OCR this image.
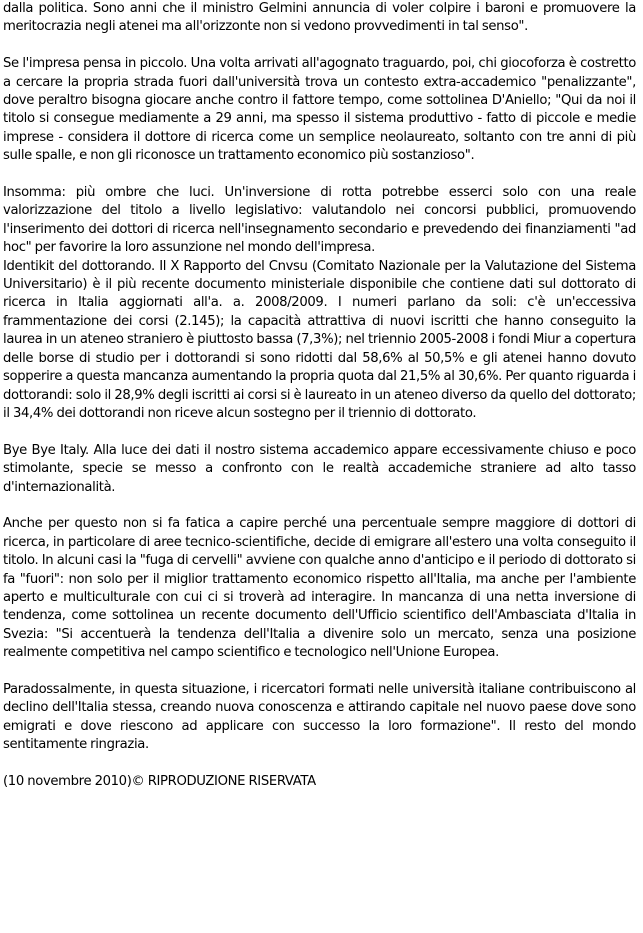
dalla politica. Sono anni che il ministro Gelmini annuncia di voler colpire i baroni e promuovere la meritocrazia negli atenei ma all'orizzonte non si vedono provvedimenti in tal senso".

Se l'impresa pensa in piccolo. Una volta arrivati all'agognato traguardo, poi, chi giocoforza è costretto a cercare la propria strada fuori dall'università trova un contesto extra-accademico "penalizzante", dove peraltro bisogna giocare anche contro il fattore tempo, come sottolinea D'Aniello; "Qui da noi il titolo si consegue mediamente a 29 anni, ma spesso il sistema produttivo - fatto di piccole e medie imprese - considera il dottore di ricerca come un semplice neolaureato, soltanto con tre anni di più sulle spalle, e non gli riconosce un trattamento economico più sostanzioso".

Insomma: più ombre che luci. Un'inversione di rotta potrebbe esserci solo con una reale valorizzazione del titolo a livello legislativo: valutandolo nei concorsi pubblici, promuovendo l'inserimento dei dottori di ricerca nell'insegnamento secondario e prevedendo dei finanziamenti "ad hoc" per favorire la loro assunzione nel mondo dell'impresa.

Identikit del dottorando. Il X Rapporto del Cnvsu (Comitato Nazionale per la Valutazione del Sistema Universitario) è il più recente documento ministeriale disponibile che contiene dati sul dottorato di ricerca in Italia aggiornati all'a. a. 2008/2009. I numeri parlano da soli: c'è un'eccessiva frammentazione dei corsi (2.145); la capacità attrattiva di nuovi iscritti che hanno conseguito la laurea in un ateneo straniero è piuttosto bassa (7,3%); nel triennio 2005-2008 i fondi Miur a copertura delle borse di studio per i dottorandi si sono ridotti dal 58,6% al 50,5% e gli atenei hanno dovuto sopperire a questa mancanza aumentando la propria quota dal 21,5% al 30,6%. Per quanto riguarda i dottorandi: solo il 28,9% degli iscritti ai corsi si è laureato in un ateneo diverso da quello del dottorato; il 34,4% dei dottorandi non riceve alcun sostegno per il triennio di dottorato.

Bye Bye Italy. Alla luce dei dati il nostro sistema accademico appare eccessivamente chiuso e poco stimolante, specie se messo a confronto con le realtà accademiche straniere ad alto tasso d'internazionalità.

Anche per questo non si fa fatica a capire perché una percentuale sempre maggiore di dottori di ricerca, in particolare di aree tecnico-scientifiche, decide di emigrare all'estero una volta conseguito il titolo. In alcuni casi la "fuga di cervelli" avviene con qualche anno d'anticipo e il periodo di dottorato si fa "fuori": non solo per il miglior trattamento economico rispetto all'Italia, ma anche per l'ambiente aperto e multiculturale con cui ci si troverà ad interagire. In mancanza di una netta inversione di tendenza, come sottolinea un recente documento dell'Ufficio scientifico dell'Ambasciata d'Italia in Svezia: "Si accentuerà la tendenza dell'Italia a divenire solo un mercato, senza una posizione realmente competitiva nel campo scientifico e tecnologico nell'Unione Europea.

Paradossalmente, in questa situazione, i ricercatori formati nelle università italiane contribuiscono al declino dell'Italia stessa, creando nuova conoscenza e attirando capitale nel nuovo paese dove sono emigrati e dove riescono ad applicare con successo la loro formazione". Il resto del mondo sentitamente ringrazia.

(10 novembre 2010)© RIPRODUZIONE RISERVATA
